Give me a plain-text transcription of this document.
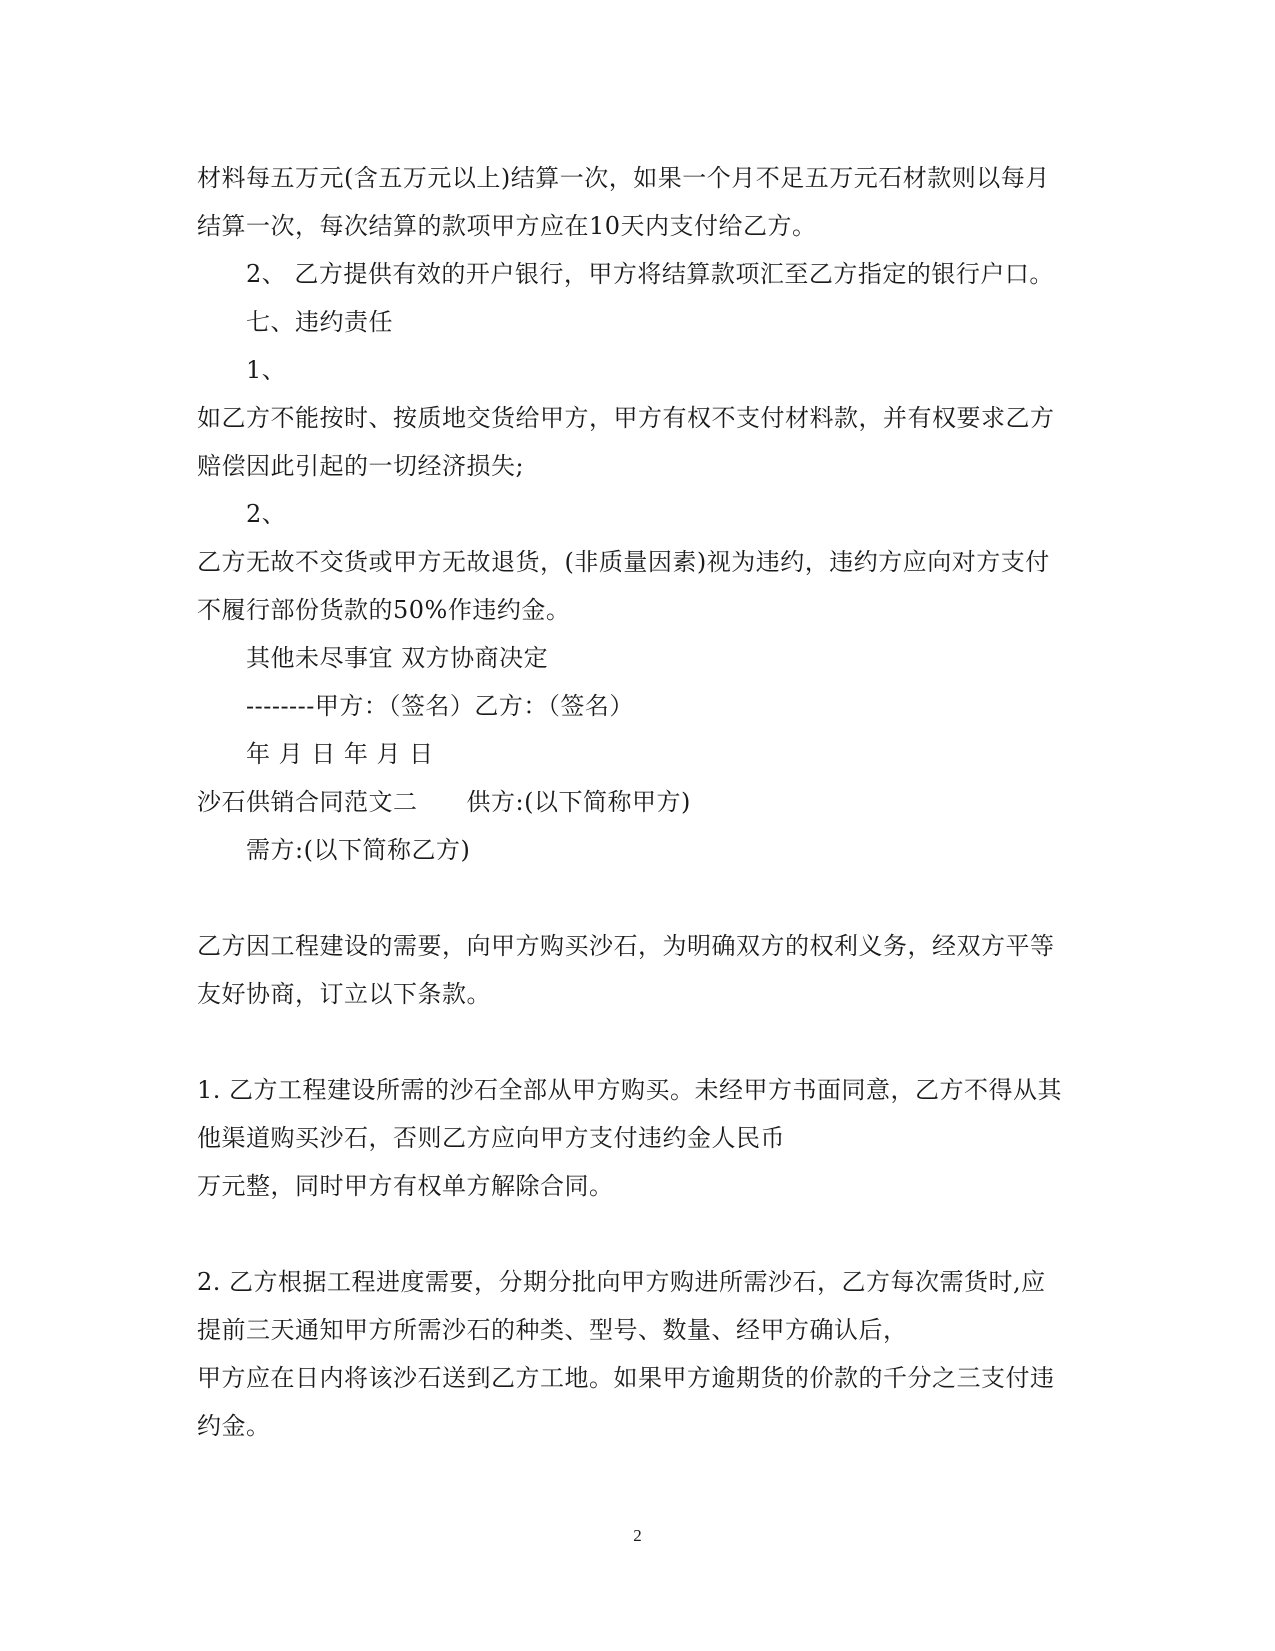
材料每五万元(含五万元以上)结算一次，如果一个月不足五万元石材款则以每月
结算一次，每次结算的款项甲方应在10天内支付给乙方。
2、 乙方提供有效的开户银行，甲方将结算款项汇至乙方指定的银行户口。
七、违约责任
1、
如乙方不能按时、按质地交货给甲方，甲方有权不支付材料款，并有权要求乙方
赔偿因此引起的一切经济损失;
2、
乙方无故不交货或甲方无故退货，(非质量因素)视为违约，违约方应向对方支付
不履行部份货款的50%作违约金。
其他未尽事宜 双方协商决定
--------甲方：（签名）乙方：（签名）
年 月 日 年 月 日
沙石供销合同范文二　　供方:(以下简称甲方)
需方:(以下简称乙方)
乙方因工程建设的需要，向甲方购买沙石，为明确双方的权利义务，经双方平等
友好协商，订立以下条款。
1. 乙方工程建设所需的沙石全部从甲方购买。未经甲方书面同意，乙方不得从其
他渠道购买沙石，否则乙方应向甲方支付违约金人民币
万元整，同时甲方有权单方解除合同。
2. 乙方根据工程进度需要，分期分批向甲方购进所需沙石，乙方每次需货时,应
提前三天通知甲方所需沙石的种类、型号、数量、经甲方确认后，
甲方应在日内将该沙石送到乙方工地。如果甲方逾期货的价款的千分之三支付违
约金。
2
